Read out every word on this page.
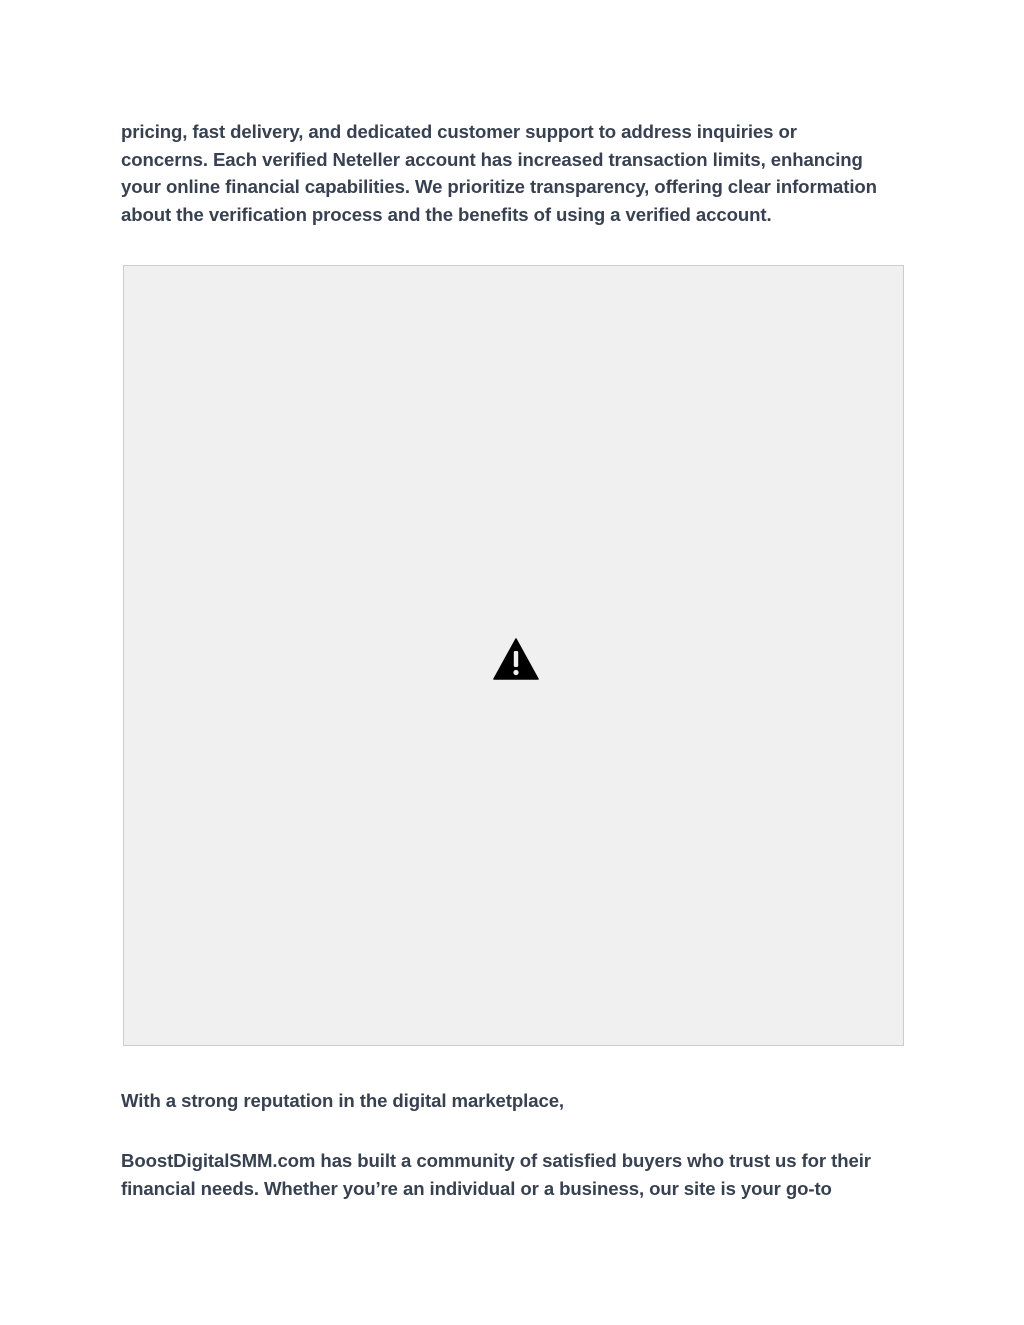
pricing, fast delivery, and dedicated customer support to address inquiries or
concerns. Each verified Neteller account has increased transaction limits, enhancing
your online financial capabilities. We prioritize transparency, offering clear information
about the verification process and the benefits of using a verified account.

With a strong reputation in the digital marketplace,

BoostDigitalSMM.com has built a community of satisfied buyers who trust us for their
financial needs. Whether you’re an individual or a business, our site is your go-to
